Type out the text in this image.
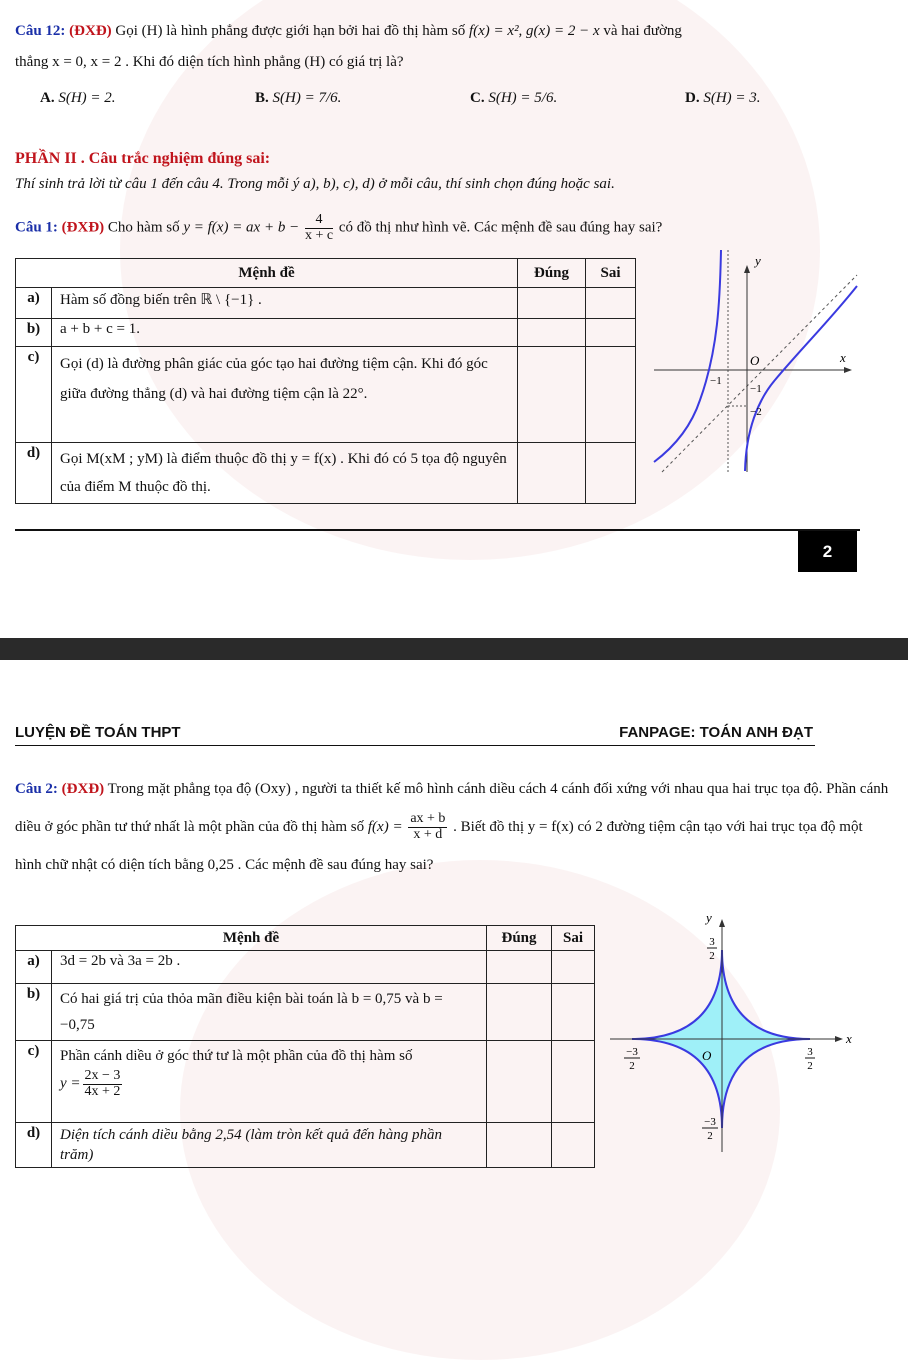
Câu 12: (ĐXĐ) Gọi (H) là hình phẳng được giới hạn bởi hai đồ thị hàm số f(x) = x², g(x) = 2 − x và hai đường
thẳng x = 0, x = 2 . Khi đó diện tích hình phẳng (H) có giá trị là?
A. S(H) = 2.	B. S(H) = 7/6.	C. S(H) = 5/6.	D. S(H) = 3.
PHẦN II . Câu trắc nghiệm đúng sai:
Thí sinh trả lời từ câu 1 đến câu 4. Trong mỗi ý a), b), c), d) ở mỗi câu, thí sinh chọn đúng hoặc sai.
Câu 1: (ĐXĐ) Cho hàm số y = f(x) = ax + $b - \frac{4}{x + c}$ có đồ thị như hình vẽ. Các mệnh đề sau đúng hay sai?
Mệnh đề		Đúng	Sai
a)	Hàm số đồng biến trên ℝ \ {−1} .		
b)	a + b + c = 1.		
c)	Gọi (d) là đường phân giác của góc tạo hai đường tiệm cận. Khi đó góc giữa đường thẳng (d) và hai đường tiệm cận là 22°.		
d)	Gọi M(xM ; yM) là điểm thuộc đồ thị y = f(x) . Khi đó có 5 tọa độ nguyên của điểm M thuộc đồ thị.		
y
x
O
−1
−1
−2
2
LUYỆN ĐỀ TOÁN THPT	FANPAGE: TOÁN ANH ĐẠT
Câu 2: (ĐXĐ) Trong mặt phẳng tọa độ (Oxy) , người ta thiết kế mô hình cánh diều cách 4 cánh đối xứng với nhau qua hai trục tọa độ. Phần cánh diều ở góc phần tư thứ nhất là một phần của đồ thị hàm số $f(x) = \frac{ax + b}{x + d}$ . Biết đồ thị y = f(x) có 2 đường tiệm cận tạo với hai trục tọa độ một hình chữ nhật có diện tích bằng 0,25 . Các mệnh đề sau đúng hay sai?
Mệnh đề		Đúng	Sai
a)	3d = 2b và 3a = 2b .		
b)	Có hai giá trị của thỏa mãn điều kiện bài toán là b = 0,75 và b = −0,75		
c)	Phần cánh diều ở góc thứ tư là một phần của đồ thị hàm số
$y = \frac{2x - 3}{4x + 2}$

d)	Diện tích cánh diều bằng 2,54 (làm tròn kết quả đến hàng phần trăm)		
y
x
O
3
2
−3
2
3
2
−3
2
